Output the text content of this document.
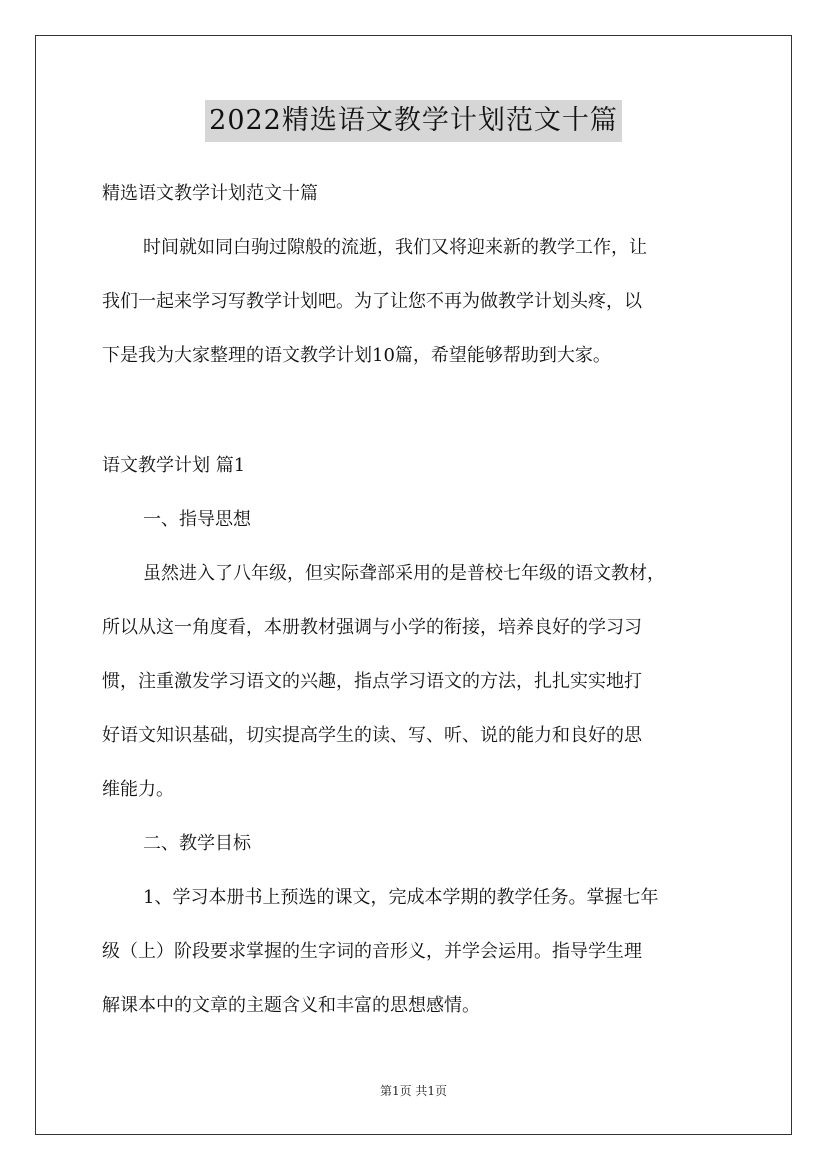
2022精选语文教学计划范文十篇
精选语文教学计划范文十篇
时间就如同白驹过隙般的流逝，我们又将迎来新的教学工作，让
我们一起来学习写教学计划吧。为了让您不再为做教学计划头疼，以
下是我为大家整理的语文教学计划10篇，希望能够帮助到大家。
语文教学计划 篇1
一、指导思想
虽然进入了八年级，但实际聋部采用的是普校七年级的语文教材，
所以从这一角度看，本册教材强调与小学的衔接，培养良好的学习习
惯，注重激发学习语文的兴趣，指点学习语文的方法，扎扎实实地打
好语文知识基础，切实提高学生的读、写、听、说的能力和良好的思
维能力。
二、教学目标
1、学习本册书上预选的课文，完成本学期的教学任务。掌握七年
级（上）阶段要求掌握的生字词的音形义，并学会运用。指导学生理
解课本中的文章的主题含义和丰富的思想感情。
第1页 共1页
